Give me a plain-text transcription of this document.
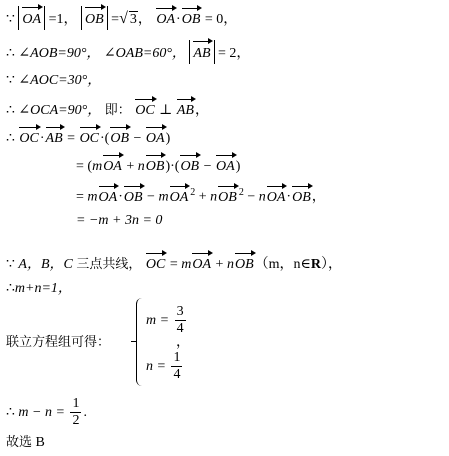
∵ OA =1， OB =√ 3， OA·OB = 0，
∴ ∠AOB=90°， ∠OAB=60°， AB = 2，
∵ ∠AOC=30°，
∴ ∠OCA=90°， 即： OC ⊥ AB，
∴ OC·AB = OC·(OB − OA)
= (mOA + nOB)·(OB − OA)
= mOA·OB − mOA $^2$ + nOB $^2$ − nOA·OB，
= −m + 3n = 0
∵ A，B，C 三点共线， OC = mOA + nOB（m，n∈R），
∴m+n=1，
联立方程组可得：
$m = \frac{3}{4}$
，
$n = \frac{1}{4}$
∴ $m - n = \frac{1}{2}$ .
故选 B
